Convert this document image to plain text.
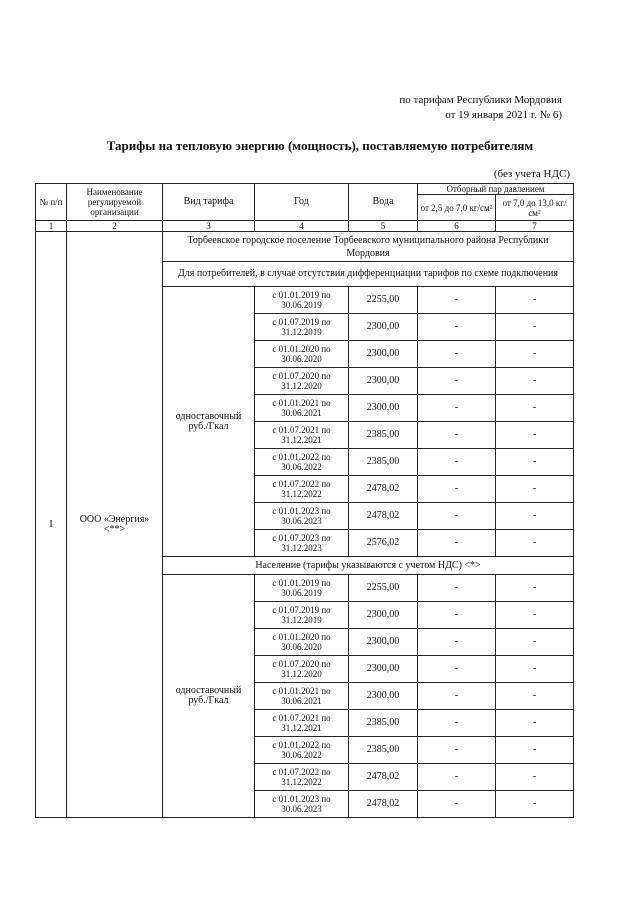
по тарифам Республики Мордовия
от 19 января 2021 г. № 6)
Тарифы на тепловую энергию (мощность), поставляемую потребителям
(без учета НДС)
№ п/п	Наименование регулируемой организации	Вид тарифа	Год	Вода	Отборный пар давлением	
					от 2,5 до 7,0 кг/см²	от 7,0 до 13,0 кг/см²
1	2	3	4	5	6	7
I	ООО «Энергия» <**>	Торбеевское городское поселение Торбеевского муниципального района Республики Мордовия				
		Для потребителей, в случае отсутствия дифференциации тарифов по схеме подключения				
		одноставочный руб./Гкал	с 01.01.2019 по 30.06.2019	2255,00	-	-
			с 01.07.2019 по 31.12.2019	2300,00	-	-
			с 01.01.2020 по 30.06.2020	2300,00	-	-
			с 01.07.2020 по 31.12.2020	2300,00	-	-
			с 01.01.2021 по 30.06.2021	2300,00	-	-
			с 01.07.2021 по 31.12.2021	2385,00	-	-
			с 01.01.2022 по 30.06.2022	2385,00	-	-
			с 01.07.2022 по 31.12.2022	2478,02	-	-
			с 01.01.2023 по 30.06.2023	2478,02	-	-
			с 01.07.2023 по 31.12.2023	2576,02	-	-
		Население (тарифы указываются с учетом НДС) <*>				
		одноставочный руб./Гкал	с 01.01.2019 по 30.06.2019	2255,00	-	-
			с 01.07.2019 по 31.12.2019	2300,00	-	-
			с 01.01.2020 по 30.06.2020	2300,00	-	-
			с 01.07.2020 по 31.12.2020	2300,00	-	-
			с 01.01.2021 по 30.06.2021	2300,00	-	-
			с 01.07.2021 по 31.12.2021	2385,00	-	-
			с 01.01.2022 по 30.06.2022	2385,00	-	-
			с 01.07.2022 по 31.12.2022	2478,02	-	-
			с 01.01.2023 по 30.06.2023	2478,02	-	-
